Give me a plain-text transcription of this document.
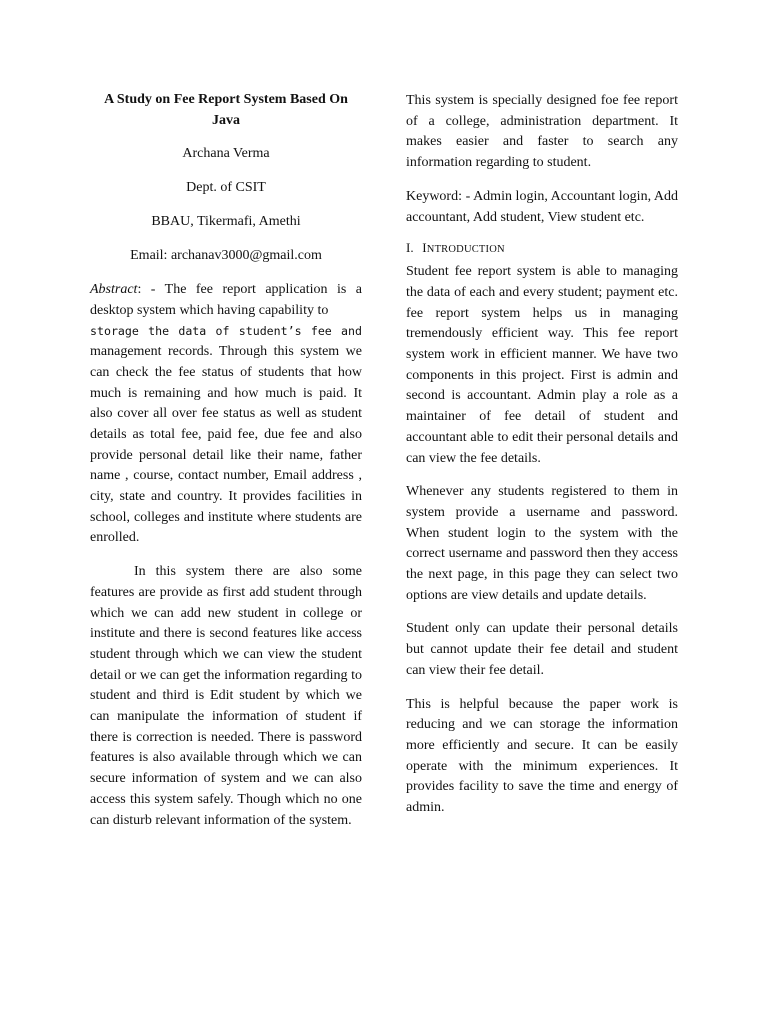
A Study on Fee Report System Based On Java

Archana Verma

Dept. of CSIT

BBAU, Tikermafi, Amethi

Email: archanav3000@gmail.com

Abstract: - The fee report application is a desktop system which having capability to
storage the data of student’s fee and
management records. Through this system we can check the fee status of students that how much is remaining and how much is paid. It also cover all over fee status as well as student details as total fee, paid fee, due fee and also provide personal detail like their name, father name , course, contact number, Email address , city, state and country. It provides facilities in school, colleges and institute where students are enrolled.

In this system there are also some features are provide as first add student through which we can add new student in college or institute and there is second features like access student through which we can view the student detail or we can get the information regarding to student and third is Edit student by which we can manipulate the information of student if there is correction is needed. There is password features is also available through which we can secure information of system and we can also access this system safely. Though which no one can disturb relevant information of the system.

This system is specially designed foe fee report of a college, administration department. It makes easier and faster to search any information regarding to student.

Keyword: - Admin login, Accountant login, Add accountant, Add student, View student etc.

I. INTRODUCTION

Student fee report system is able to managing the data of each and every student; payment etc. fee report system helps us in managing tremendously efficient way. This fee report system work in efficient manner. We have two components in this project. First is admin and second is accountant. Admin play a role as a maintainer of fee detail of student and accountant able to edit their personal details and can view the fee details.

Whenever any students registered to them in system provide a username and password. When student login to the system with the correct username and password then they access the next page, in this page they can select two options are view details and update details.

Student only can update their personal details but cannot update their fee detail and student can view their fee detail.

This is helpful because the paper work is reducing and we can storage the information more efficiently and secure. It can be easily operate with the minimum experiences. It provides facility to save the time and energy of admin.
